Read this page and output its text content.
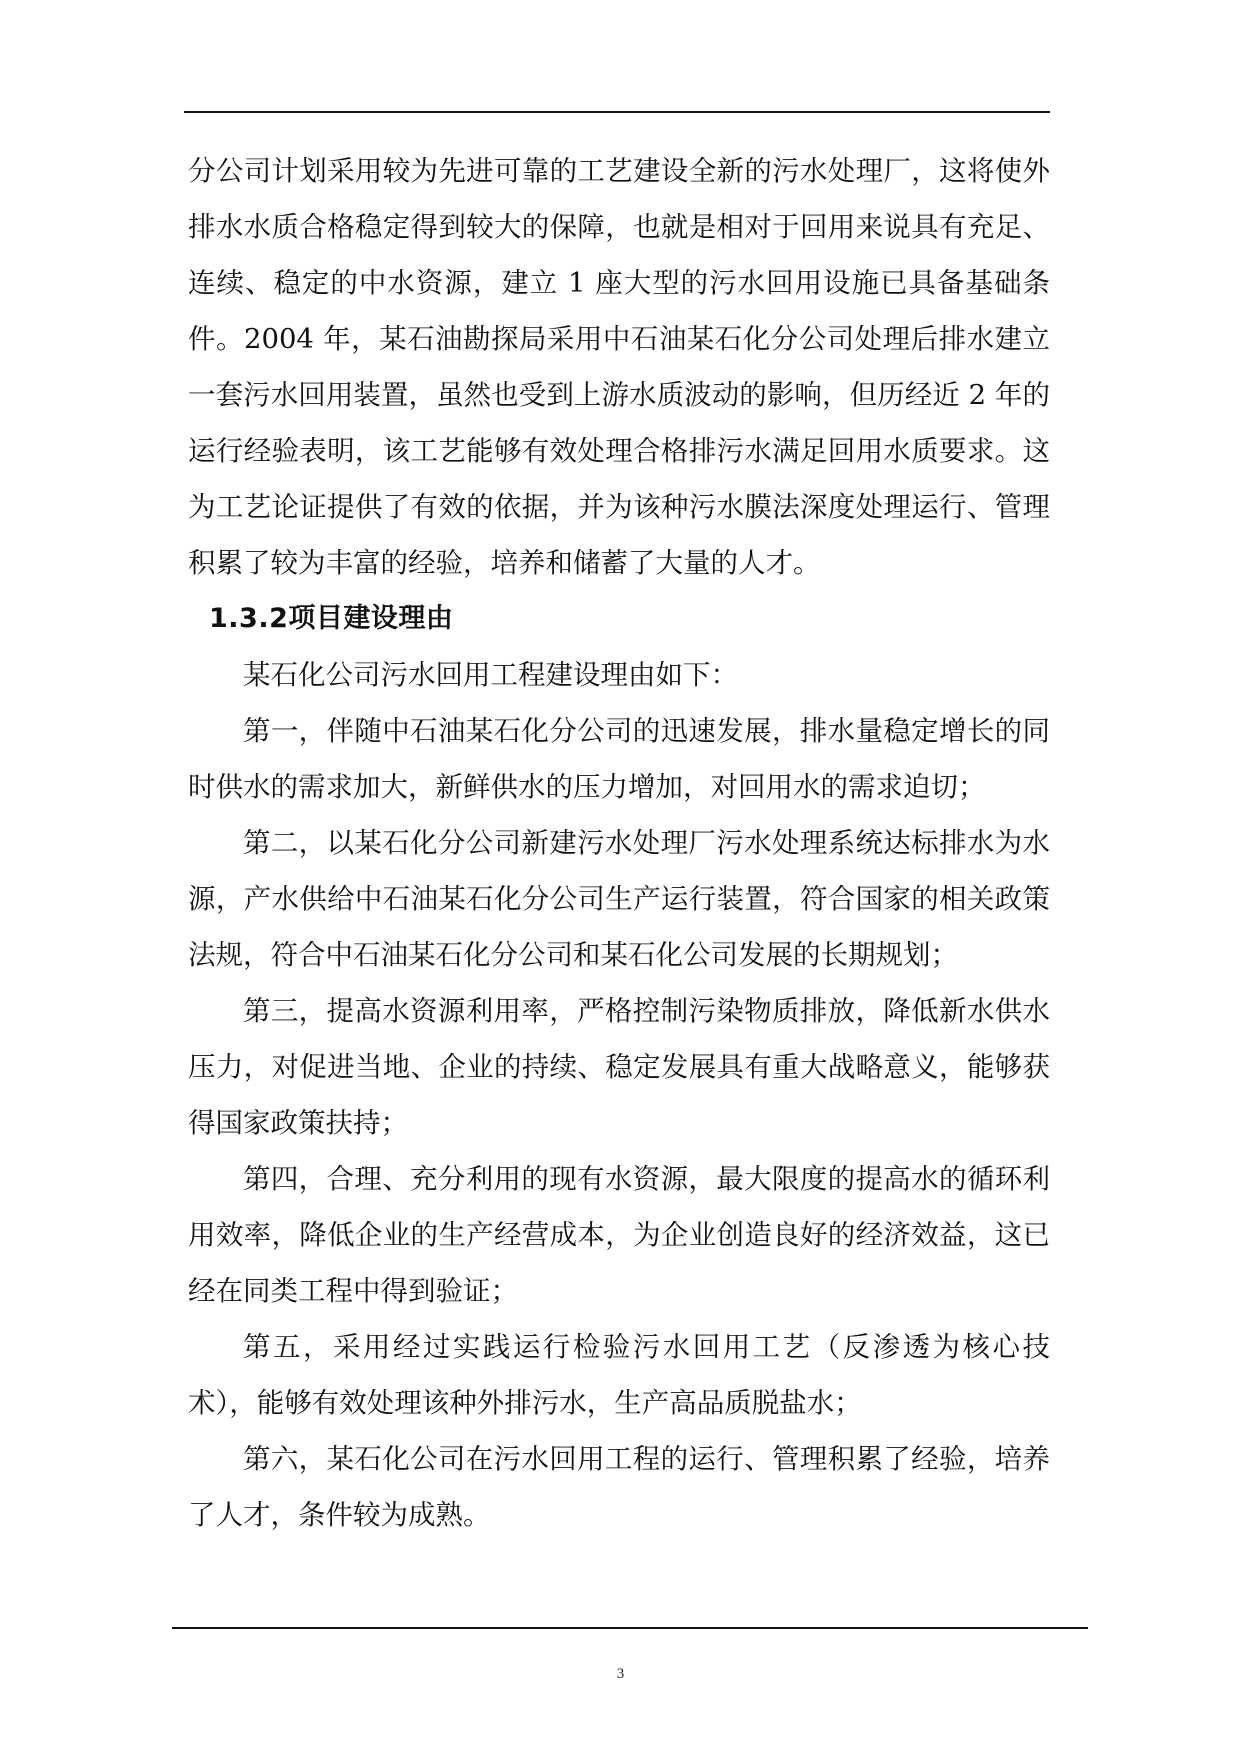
分公司计划采用较为先进可靠的工艺建设全新的污水处理厂，这将使外排水水质合格稳定得到较大的保障，也就是相对于回用来说具有充足、连续、稳定的中水资源，建立 1 座大型的污水回用设施已具备基础条件。2004 年，某石油勘探局采用中石油某石化分公司处理后排水建立一套污水回用装置，虽然也受到上游水质波动的影响，但历经近 2 年的运行经验表明，该工艺能够有效处理合格排污水满足回用水质要求。这为工艺论证提供了有效的依据，并为该种污水膜法深度处理运行、管理积累了较为丰富的经验，培养和储蓄了大量的人才。

1.3.2项目建设理由

某石化公司污水回用工程建设理由如下：

第一，伴随中石油某石化分公司的迅速发展，排水量稳定增长的同时供水的需求加大，新鲜供水的压力增加，对回用水的需求迫切；

第二，以某石化分公司新建污水处理厂污水处理系统达标排水为水源，产水供给中石油某石化分公司生产运行装置，符合国家的相关政策法规，符合中石油某石化分公司和某石化公司发展的长期规划；

第三，提高水资源利用率，严格控制污染物质排放，降低新水供水压力，对促进当地、企业的持续、稳定发展具有重大战略意义，能够获得国家政策扶持；

第四，合理、充分利用的现有水资源，最大限度的提高水的循环利用效率，降低企业的生产经营成本，为企业创造良好的经济效益，这已经在同类工程中得到验证；

第五，采用经过实践运行检验污水回用工艺（反渗透为核心技术），能够有效处理该种外排污水，生产高品质脱盐水；

第六，某石化公司在污水回用工程的运行、管理积累了经验，培养了人才，条件较为成熟。

3
